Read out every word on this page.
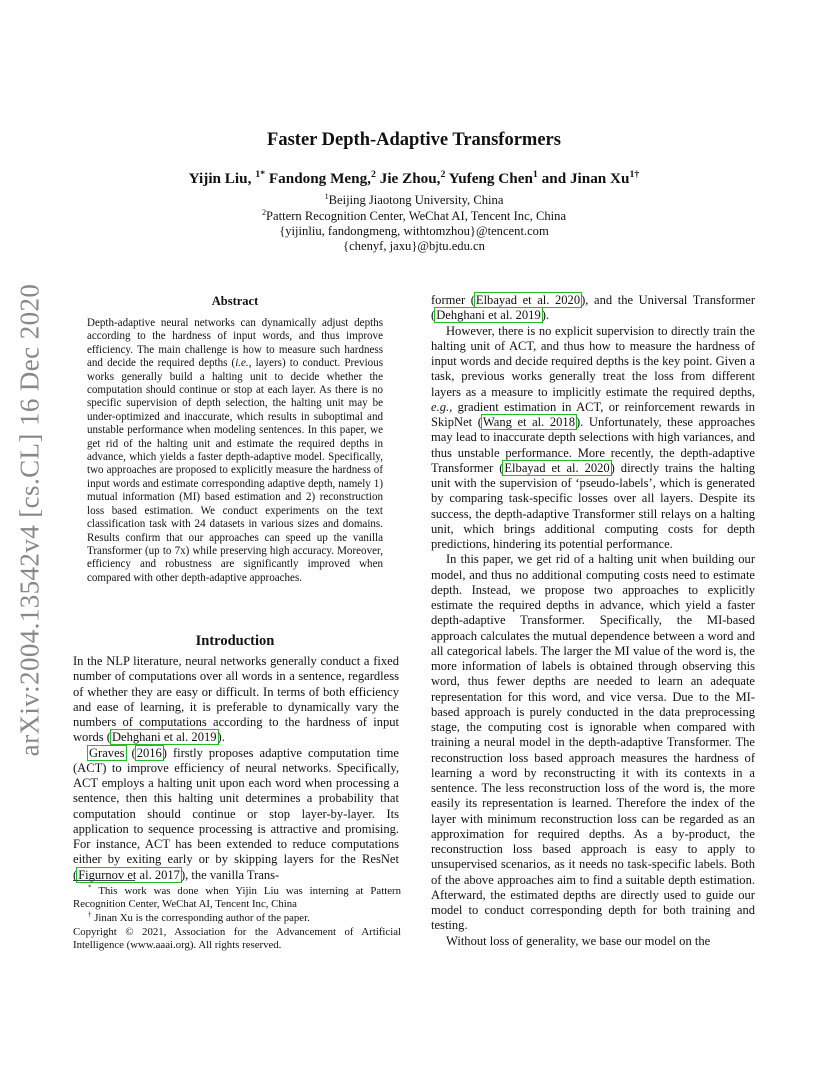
arXiv:2004.13542v4 [cs.CL] 16 Dec 2020
Faster Depth-Adaptive Transformers
Yijin Liu, $^{1*}$ Fandong Meng,$^2$ Jie Zhou,$^2$ Yufeng Chen$^1$ and Jinan $Xu^{1\dagger}$
$^1$Beijing Jiaotong University, China
$^2$Pattern Recognition Center, WeChat AI, Tencent Inc, China
{yijinliu, fandongmeng, withtomzhou}@tencent.com
{chenyf, jaxu}@bjtu.edu.cn
Abstract
Depth-adaptive neural networks can dynamically adjust depths according to the hardness of input words, and thus improve efficiency. The main challenge is how to measure such hardness and decide the required depths (i.e., layers) to conduct. Previous works generally build a halting unit to decide whether the computation should continue or stop at each layer. As there is no specific supervision of depth selection, the halting unit may be under-optimized and inaccurate, which results in suboptimal and unstable performance when modeling sentences. In this paper, we get rid of the halting unit and estimate the required depths in advance, which yields a faster depth-adaptive model. Specifically, two approaches are proposed to explicitly measure the hardness of input words and estimate corresponding adaptive depth, namely 1) mutual information (MI) based estimation and 2) reconstruction loss based estimation. We conduct experiments on the text classification task with 24 datasets in various sizes and domains. Results confirm that our approaches can speed up the vanilla Transformer (up to 7x) while preserving high accuracy. Moreover, efficiency and robustness are significantly improved when compared with other depth-adaptive approaches.
Introduction

In the NLP literature, neural networks generally conduct a fixed number of computations over all words in a sentence, regardless of whether they are easy or difficult. In terms of both efficiency and ease of learning, it is preferable to dynamically vary the numbers of computations according to the hardness of input words (Dehghani et al. 2019).

Graves (2016) firstly proposes adaptive computation time (ACT) to improve efficiency of neural networks. Specifically, ACT employs a halting unit upon each word when processing a sentence, then this halting unit determines a probability that computation should continue or stop layer-by-layer. Its application to sequence processing is attractive and promising. For instance, ACT has been extended to reduce computations either by exiting early or by skipping layers for the ResNet (Figurnov et al. 2017), the vanilla Trans-

former (Elbayad et al. 2020), and the Universal Transformer (Dehghani et al. 2019).

However, there is no explicit supervision to directly train the halting unit of ACT, and thus how to measure the hardness of input words and decide required depths is the key point. Given a task, previous works generally treat the loss from different layers as a measure to implicitly estimate the required depths, e.g., gradient estimation in ACT, or reinforcement rewards in SkipNet (Wang et al. 2018). Unfortunately, these approaches may lead to inaccurate depth selections with high variances, and thus unstable performance. More recently, the depth-adaptive Transformer (Elbayad et al. 2020) directly trains the halting unit with the supervision of ‘pseudo-labels’, which is generated by comparing task-specific losses over all layers. Despite its success, the depth-adaptive Transformer still relays on a halting unit, which brings additional computing costs for depth predictions, hindering its potential performance.

In this paper, we get rid of a halting unit when building our model, and thus no additional computing costs need to estimate depth. Instead, we propose two approaches to explicitly estimate the required depths in advance, which yield a faster depth-adaptive Transformer. Specifically, the MI-based approach calculates the mutual dependence between a word and all categorical labels. The larger the MI value of the word is, the more information of labels is obtained through observing this word, thus fewer depths are needed to learn an adequate representation for this word, and vice versa. Due to the MI-based approach is purely conducted in the data preprocessing stage, the computing cost is ignorable when compared with training a neural model in the depth-adaptive Transformer. The reconstruction loss based approach measures the hardness of learning a word by reconstructing it with its contexts in a sentence. The less reconstruction loss of the word is, the more easily its representation is learned. Therefore the index of the layer with minimum reconstruction loss can be regarded as an approximation for required depths. As a by-product, the reconstruction loss based approach is easy to apply to unsupervised scenarios, as it needs no task-specific labels. Both of the above approaches aim to find a suitable depth estimation. Afterward, the estimated depths are directly used to guide our model to conduct corresponding depth for both training and testing.

Without loss of generality, we base our model on the

* This work was done when Yijin Liu was interning at Pattern Recognition Center, WeChat AI, Tencent Inc, China

† Jinan Xu is the corresponding author of the paper.

Copyright © 2021, Association for the Advancement of Artificial Intelligence (www.aaai.org). All rights reserved.
